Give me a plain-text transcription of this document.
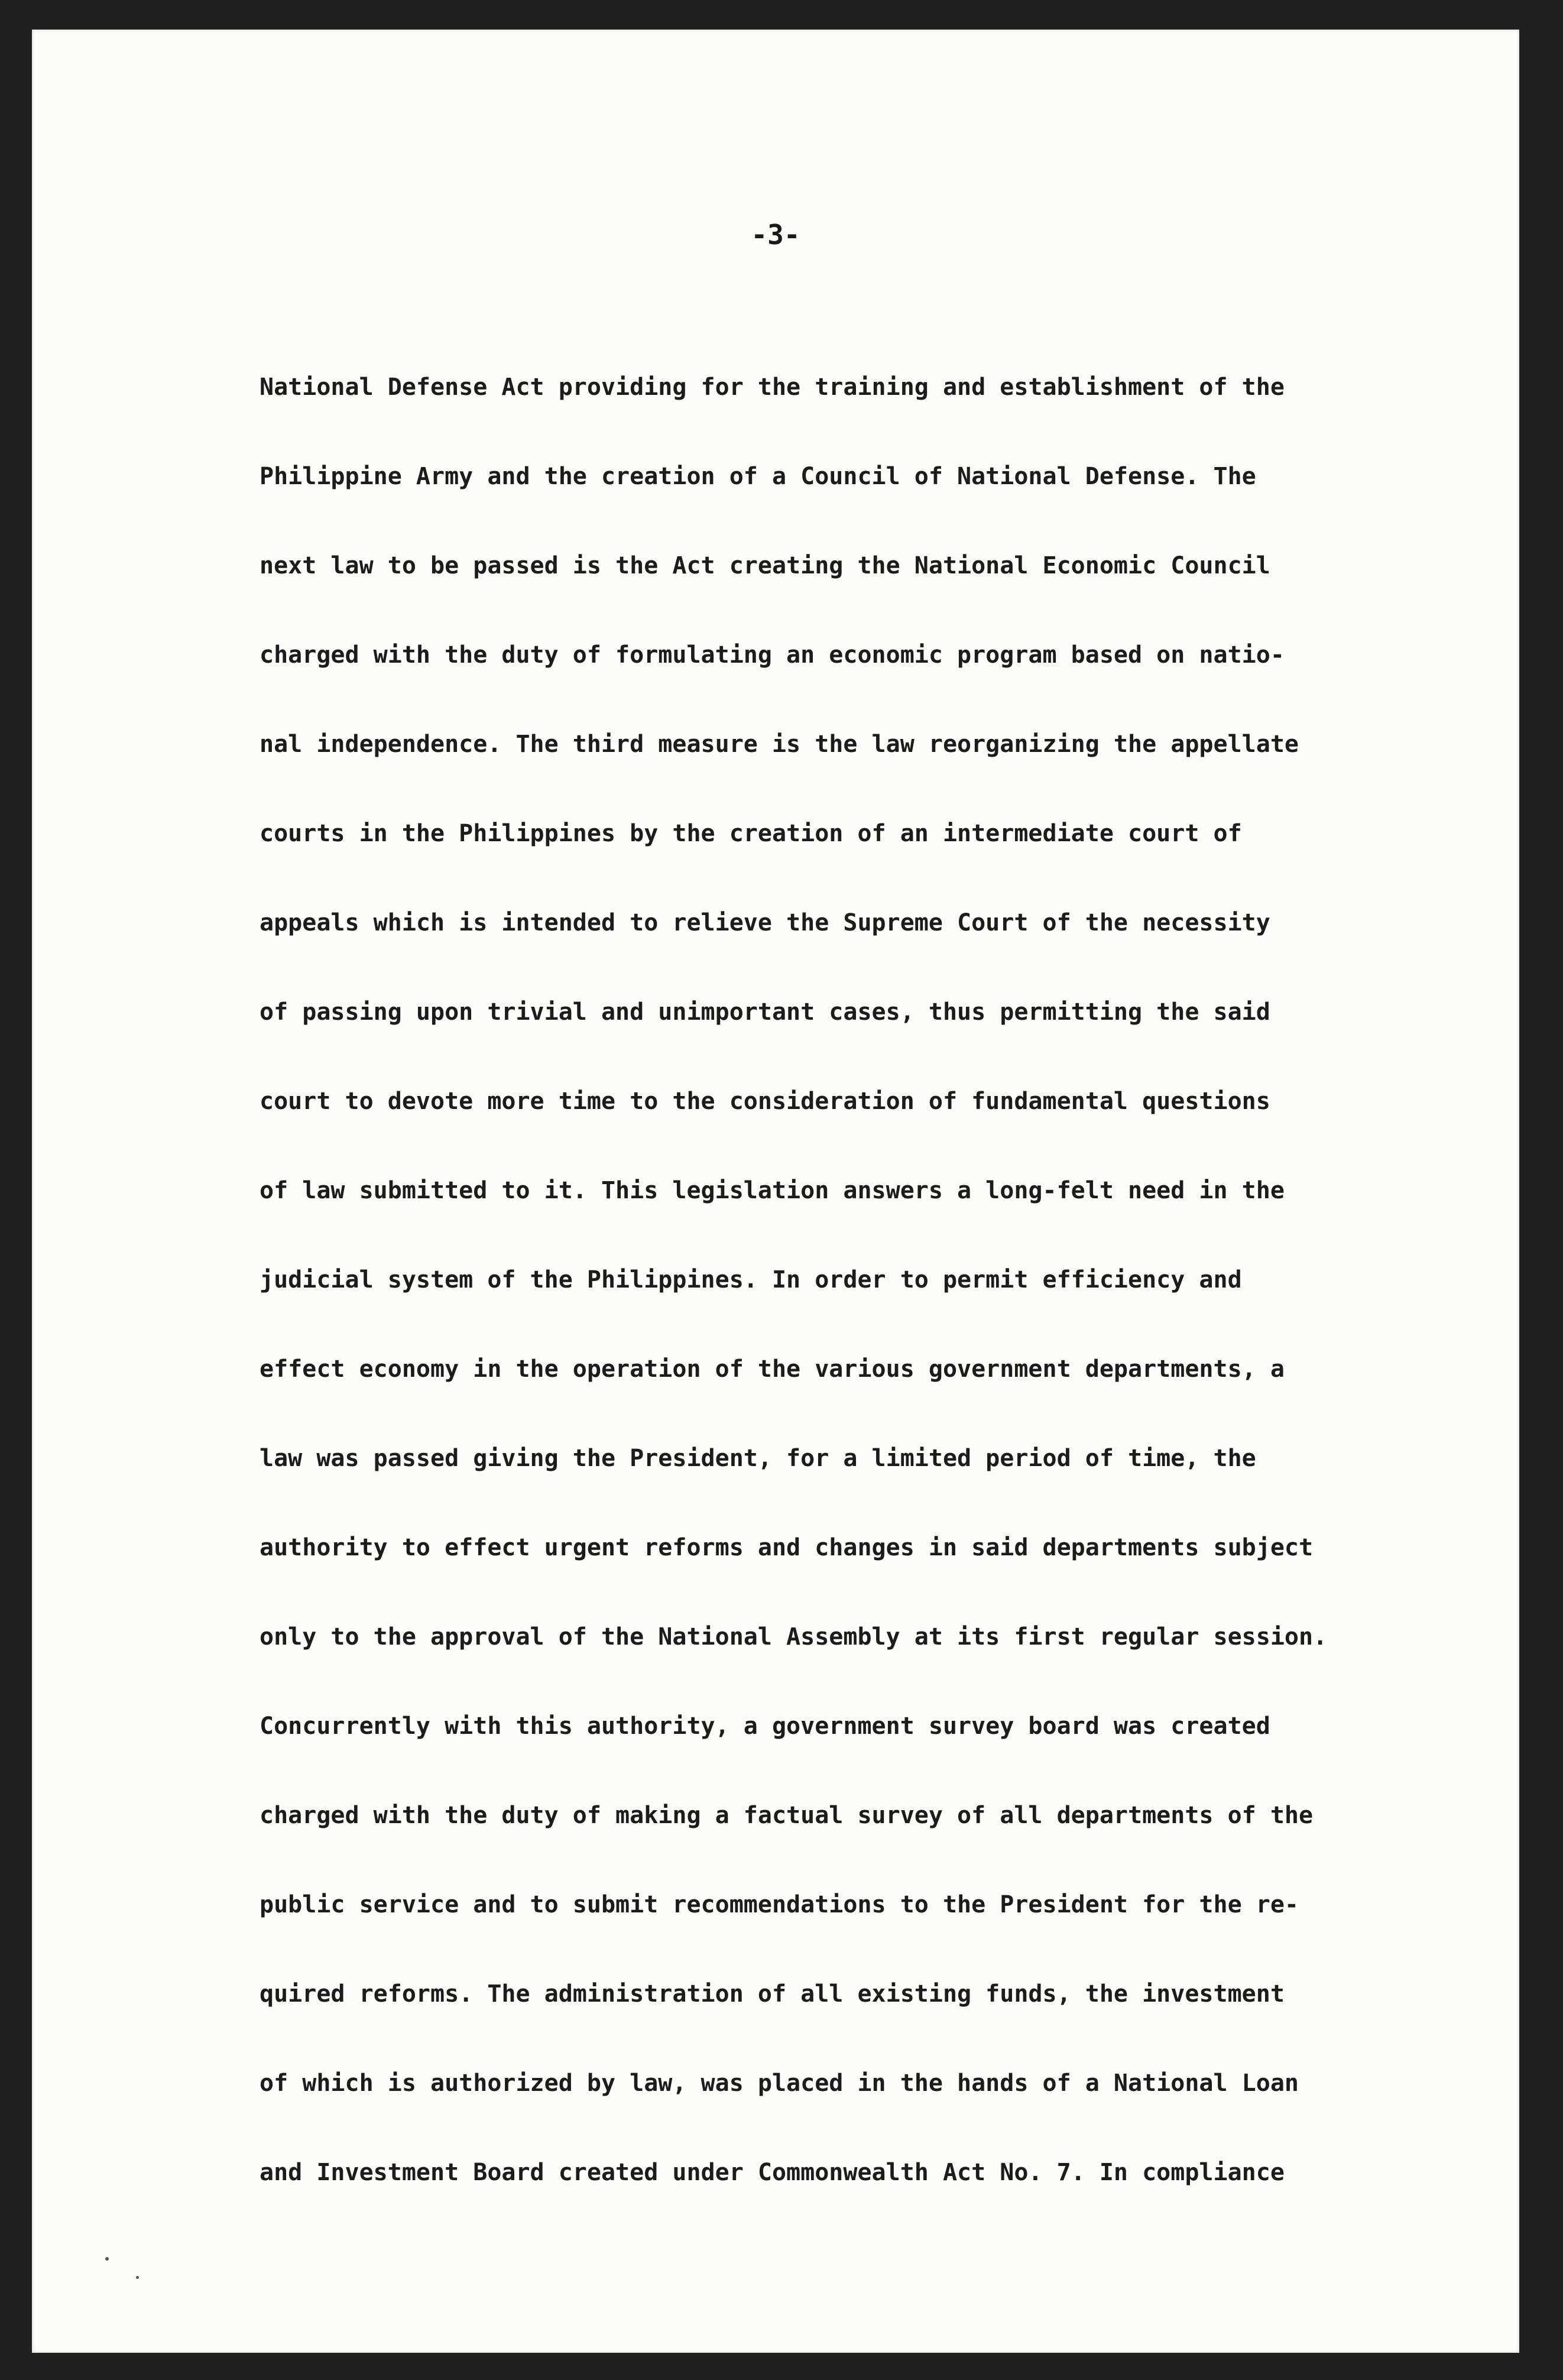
-3-
National Defense Act providing for the training and establishment of the
Philippine Army and the creation of a Council of National Defense. The
next law to be passed is the Act creating the National Economic Council
charged with the duty of formulating an economic program based on natio-
nal independence. The third measure is the law reorganizing the appellate
courts in the Philippines by the creation of an intermediate court of
appeals which is intended to relieve the Supreme Court of the necessity
of passing upon trivial and unimportant cases, thus permitting the said
court to devote more time to the consideration of fundamental questions
of law submitted to it. This legislation answers a long-felt need in the
judicial system of the Philippines. In order to permit efficiency and
effect economy in the operation of the various government departments, a
law was passed giving the President, for a limited period of time, the
authority to effect urgent reforms and changes in said departments subject
only to the approval of the National Assembly at its first regular session.
Concurrently with this authority, a government survey board was created
charged with the duty of making a factual survey of all departments of the
public service and to submit recommendations to the President for the re-
quired reforms. The administration of all existing funds, the investment
of which is authorized by law, was placed in the hands of a National Loan
and Investment Board created under Commonwealth Act No. 7. In compliance
